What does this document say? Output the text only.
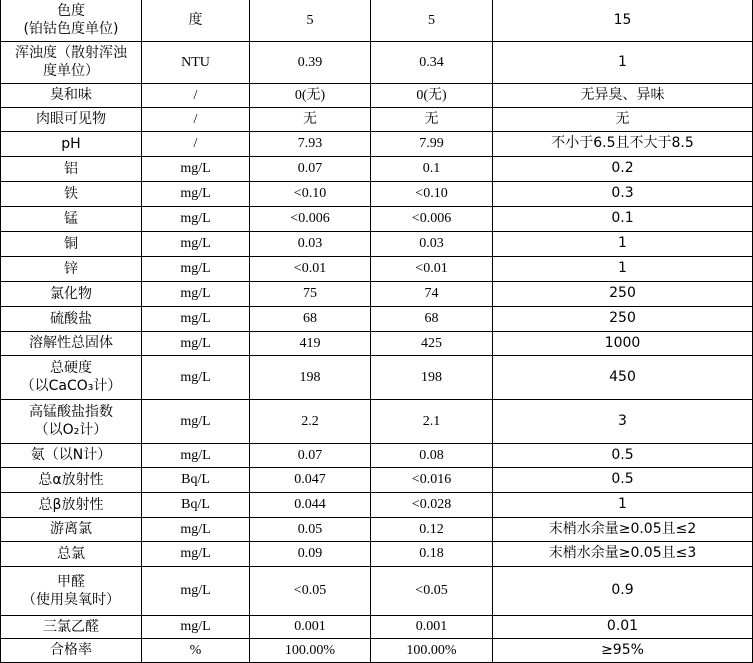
色度
(铂钴色度单位)	度	5	5	15
浑浊度（散射浑浊
度单位）	NTU	0.39	0.34	1
臭和味	/	0(无)	0(无)	无异臭、异味
肉眼可见物	/	无	无	无
pH	/	7.93	7.99	不小于6.5且不大于8.5
铝	mg/L	0.07	0.1	0.2
铁	mg/L	<0.10	<0.10	0.3
锰	mg/L	<0.006	<0.006	0.1
铜	mg/L	0.03	0.03	1
锌	mg/L	<0.01	<0.01	1
氯化物	mg/L	75	74	250
硫酸盐	mg/L	68	68	250
溶解性总固体	mg/L	419	425	1000
总硬度
（以CaCO₃计）	mg/L	198	198	450
高锰酸盐指数
（以O₂计）	mg/L	2.2	2.1	3
氨（以N计）	mg/L	0.07	0.08	0.5
总α放射性	Bq/L	0.047	<0.016	0.5
总β放射性	Bq/L	0.044	<0.028	1
游离氯	mg/L	0.05	0.12	末梢水余量≥0.05且≤2
总氯	mg/L	0.09	0.18	末梢水余量≥0.05且≤3
甲醛
（使用臭氧时）	mg/L	<0.05	<0.05	0.9
三氯乙醛	mg/L	0.001	0.001	0.01
合格率	%	100.00%	100.00%	≥95%
